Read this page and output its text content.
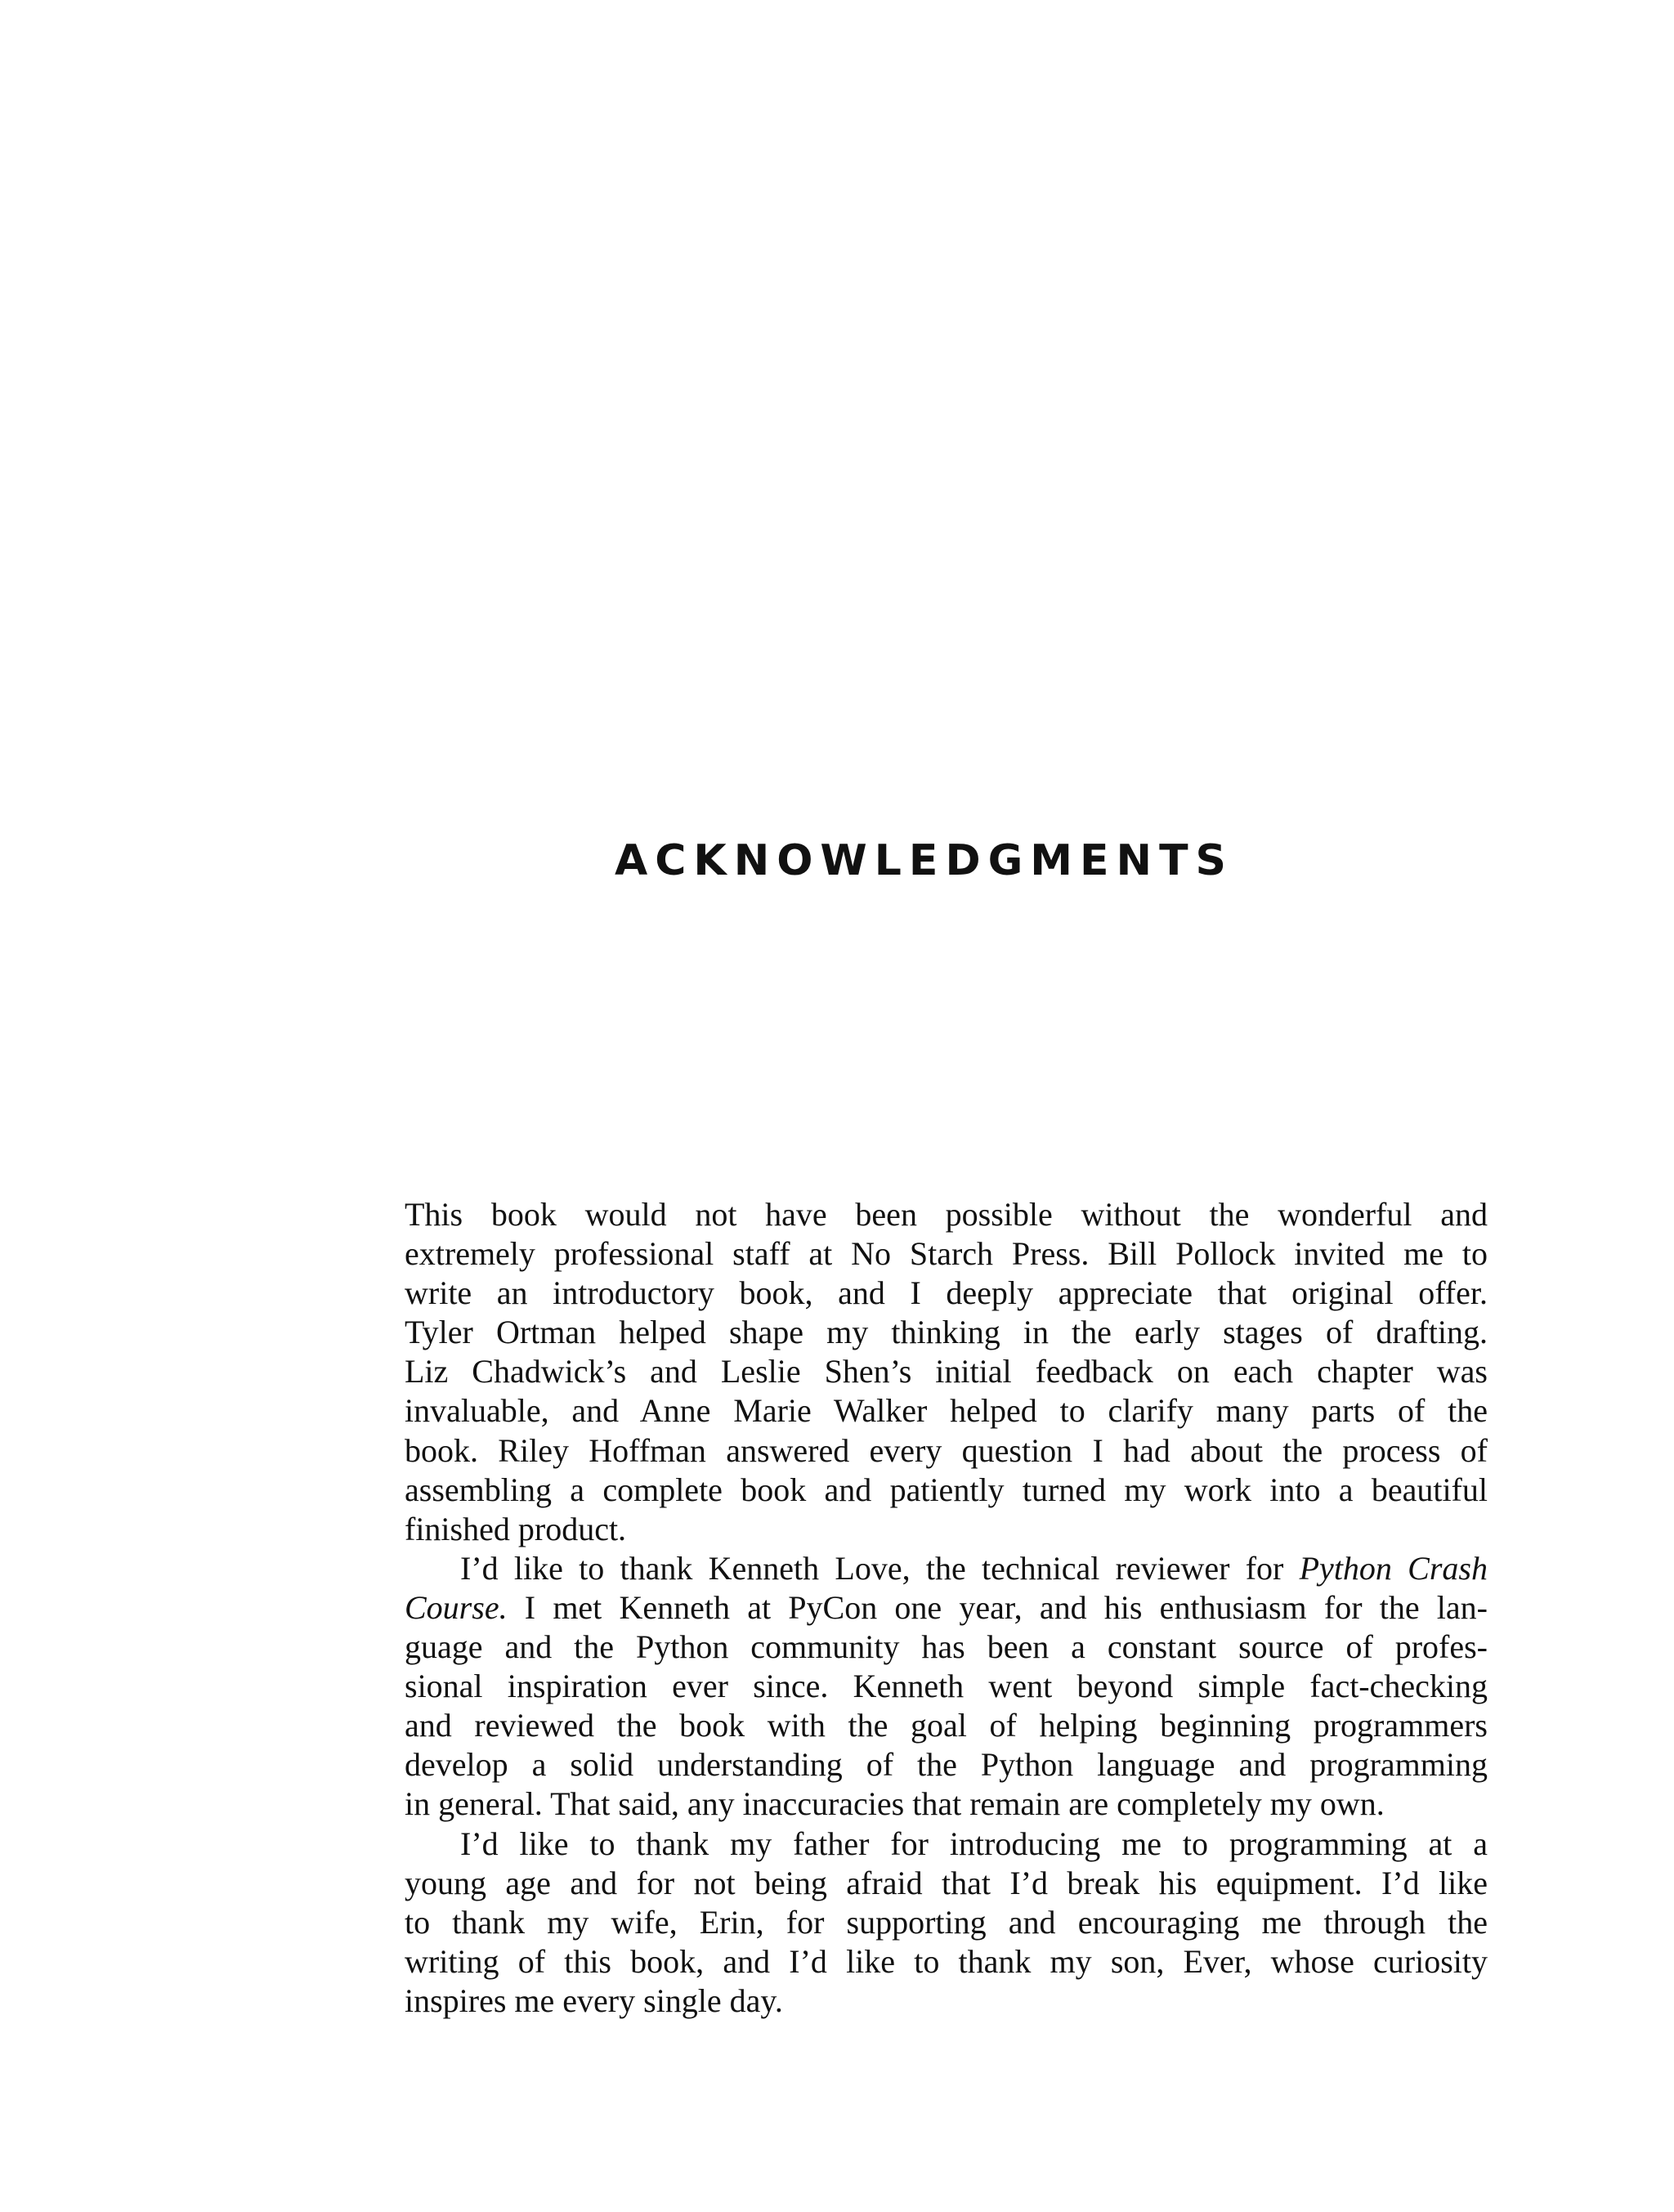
ACKNOWLEDGMENTS
This book would not have been possible without the wonderful and
extremely professional staff at No Starch Press. Bill Pollock invited me to
write an introductory book, and I deeply appreciate that original offer.
Tyler Ortman helped shape my thinking in the early stages of drafting.
Liz Chadwick’s and Leslie Shen’s initial feedback on each chapter was
invaluable, and Anne Marie Walker helped to clarify many parts of the
book. Riley Hoffman answered every question I had about the process of
assembling a complete book and patiently turned my work into a beautiful
finished product.
I’d like to thank Kenneth Love, the technical reviewer for Python Crash
Course. I met Kenneth at PyCon one year, and his enthusiasm for the lan-
guage and the Python community has been a constant source of profes-
sional inspiration ever since. Kenneth went beyond simple fact-checking
and reviewed the book with the goal of helping beginning programmers
develop a solid understanding of the Python language and programming
in general. That said, any inaccuracies that remain are completely my own.
I’d like to thank my father for introducing me to programming at a
young age and for not being afraid that I’d break his equipment. I’d like
to thank my wife, Erin, for supporting and encouraging me through the
writing of this book, and I’d like to thank my son, Ever, whose curiosity
inspires me every single day.
